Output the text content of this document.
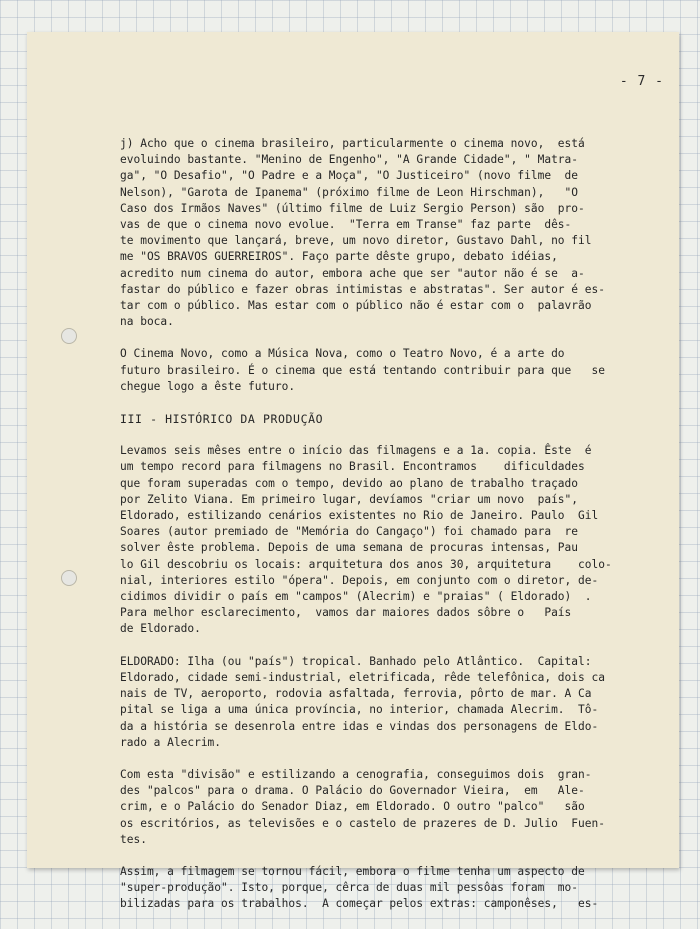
- 7 -

j) Acho que o cinema brasileiro, particularmente o cinema novo,  está
evoluindo bastante. "Menino de Engenho", "A Grande Cidade", " Matra-
ga", "O Desafio", "O Padre e a Moça", "O Justiceiro" (novo filme  de
Nelson), "Garota de Ipanema" (próximo filme de Leon Hirschman),   "O
Caso dos Irmãos Naves" (último filme de Luiz Sergio Person) são  pro-
vas de que o cinema novo evolue.  "Terra em Transe" faz parte  dês-
te movimento que lançará, breve, um novo diretor, Gustavo Dahl, no fil
me "OS BRAVOS GUERREIROS". Faço parte dêste grupo, debato idéias,
acredito num cinema do autor, embora ache que ser "autor não é se  a-
fastar do público e fazer obras intimistas e abstratas". Ser autor é es-
tar com o público. Mas estar com o público não é estar com o  palavrão
na boca.

O Cinema Novo, como a Música Nova, como o Teatro Novo, é a arte do
futuro brasileiro. É o cinema que está tentando contribuir para que   se
chegue logo a êste futuro.

III - HISTÓRICO DA PRODUÇÃO

Levamos seis mêses entre o início das filmagens e a 1a. copia. Êste  é
um tempo record para filmagens no Brasil. Encontramos    dificuldades
que foram superadas com o tempo, devido ao plano de trabalho traçado
por Zelito Viana. Em primeiro lugar, devíamos "criar um novo  país",
Eldorado, estilizando cenários existentes no Rio de Janeiro. Paulo  Gil
Soares (autor premiado de "Memória do Cangaço") foi chamado para  re
solver êste problema. Depois de uma semana de procuras intensas, Pau
lo Gil descobriu os locais: arquitetura dos anos 30, arquitetura    colo-
nial, interiores estilo "ópera". Depois, em conjunto com o diretor, de-
cidimos dividir o país em "campos" (Alecrim) e "praias" ( Eldorado)  .
Para melhor esclarecimento,  vamos dar maiores dados sôbre o   País
de Eldorado.

ELDORADO: Ilha (ou "país") tropical. Banhado pelo Atlântico.  Capital:
Eldorado, cidade semi-industrial, eletrificada, rêde telefônica, dois ca
nais de TV, aeroporto, rodovia asfaltada, ferrovia, pôrto de mar. A Ca
pital se liga a uma única província, no interior, chamada Alecrim.  Tô-
da a história se desenrola entre idas e vindas dos personagens de Eldo-
rado a Alecrim.

Com esta "divisão" e estilizando a cenografia, conseguimos dois  gran-
des "palcos" para o drama. O Palácio do Governador Vieira,  em   Ale-
crim, e o Palácio do Senador Diaz, em Eldorado. O outro "palco"   são
os escritórios, as televisões e o castelo de prazeres de D. Julio  Fuen-
tes.

Assim, a filmagem se tornou fácil, embora o filme tenha um aspecto de
"super-produção". Isto, porque, cêrca de duas mil pessôas foram  mo-
bilizadas para os trabalhos.  A começar pelos extras: camponêses,   es-
